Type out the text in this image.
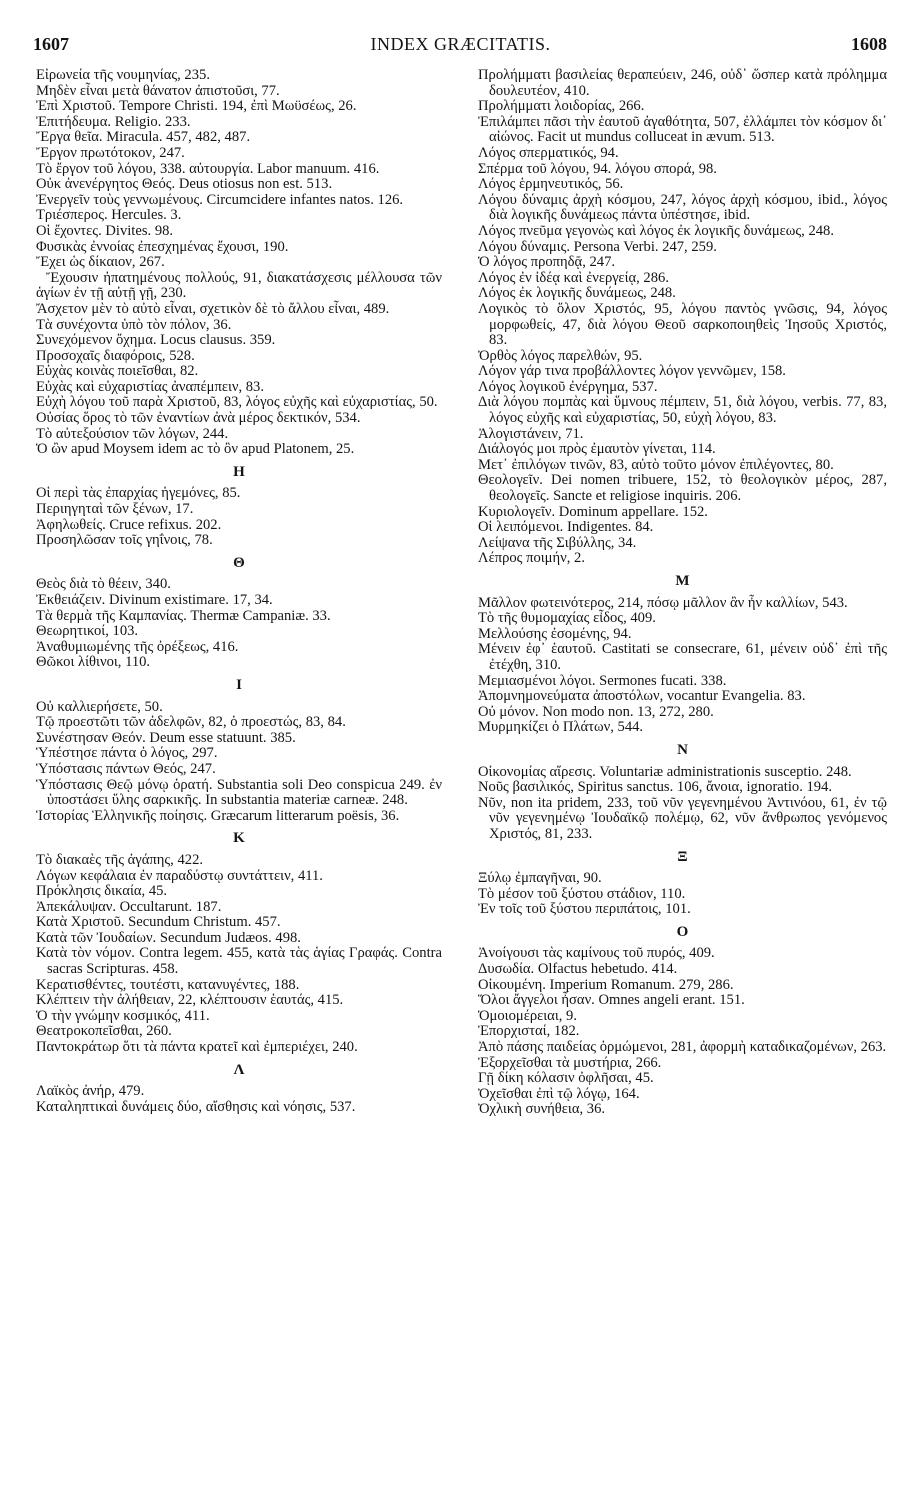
1607	INDEX GRÆCITATIS.	1608

Εἰρωνεία τῆς νουμηνίας, 235.

Μηδὲν εἶναι μετὰ θάνατον ἀπιστοῦσι, 77.

Ἐπὶ Χριστοῦ. Tempore Christi. 194, ἐπὶ Μωϋσέως, 26.

Ἐπιτήδευμα. Religio. 233.

Ἔργα θεῖα. Miracula. 457, 482, 487.

Ἔργον πρωτότοκον, 247.

Τὸ ἔργον τοῦ λόγου, 338. αὐτουργία. Labor manuum. 416.

Οὐκ ἀνενέργητος Θεός. Deus otiosus non est. 513.

Ἐνεργεῖν τοὺς γεννωμένους. Circumcidere infantes natos. 126.

Τριέσπερος. Hercules. 3.

Οἱ ἔχοντες. Divites. 98.

Φυσικὰς ἐννοίας ἐπεσχημένας ἔχουσι, 190.

Ἔχει ὡς δίκαιον, 267.

Ἔχουσιν ἠπατημένους πολλούς, 91, διακατάσχεσις μέλλουσα τῶν ἁγίων ἐν τῇ αὐτῇ γῇ, 230.

Ἄσχετον μὲν τὸ αὐτὸ εἶναι, σχετικὸν δὲ τὸ ἄλλου εἶναι, 489.

Τὰ συνέχοντα ὑπὸ τὸν πόλον, 36.

Συνεχόμενον ὄχημα. Locus clausus. 359.

Προσοχαῖς διαφόροις, 528.

Εὐχὰς κοινὰς ποιεῖσθαι, 82.

Εὐχὰς καὶ εὐχαριστίας ἀναπέμπειν, 83.

Εὐχὴ λόγου τοῦ παρὰ Χριστοῦ, 83, λόγος εὐχῆς καὶ εὐχαριστίας, 50.

Οὐσίας ὅρος τὸ τῶν ἐναντίων ἀνὰ μέρος δεκτικόν, 534.

Τὸ αὐτεξούσιον τῶν λόγων, 244.

Ὁ ὢν apud Moysem idem ac τὸ ὂν apud Platonem, 25.

H

Οἱ περὶ τὰς ἐπαρχίας ἡγεμόνες, 85.

Περιηγηταὶ τῶν ξένων, 17.

Ἀφηλωθείς. Cruce refixus. 202.

Προσηλῶσαν τοῖς γηΐνοις, 78.

Θ

Θεὸς διὰ τὸ θέειν, 340.

Ἐκθειάζειν. Divinum existimare. 17, 34.

Τὰ θερμὰ τῆς Καμπανίας. Thermæ Campaniæ. 33.

Θεωρητικοί, 103.

Ἀναθυμιωμένης τῆς ὀρέξεως, 416.

Θῶκοι λίθινοι, 110.

I

Οὐ καλλιερήσετε, 50.

Τῷ προεστῶτι τῶν ἀδελφῶν, 82, ὁ προεστώς, 83, 84.

Συνέστησαν Θεόν. Deum esse statuunt. 385.

Ὑπέστησε πάντα ὁ λόγος, 297.

Ὑπόστασις πάντων Θεός, 247.

Ὑπόστασις Θεῷ μόνῳ ὁρατή. Substantia soli Deo conspicua 249. ἐν ὑποστάσει ὕλης σαρκικῆς. In substantia materiæ carneæ. 248.

Ἱστορίας Ἑλληνικῆς ποίησις. Græcarum litterarum poësis, 36.

K

Τὸ διακαὲς τῆς ἀγάπης, 422.

Λόγων κεφάλαια ἐν παραδύστῳ συντάττειν, 411.

Πρόκλησις δικαία, 45.

Ἀπεκάλυψαν. Occultarunt. 187.

Κατὰ Χριστοῦ. Secundum Christum. 457.

Κατὰ τῶν Ἰουδαίων. Secundum Judæos. 498.

Κατὰ τὸν νόμον. Contra legem. 455, κατὰ τὰς ἁγίας Γραφάς. Contra sacras Scripturas. 458.

Κερατισθέντες, τουτέστι, κατανυγέντες, 188.

Κλέπτειν τὴν ἀλήθειαν, 22, κλέπτουσιν ἑαυτάς, 415.

Ὁ τὴν γνώμην κοσμικός, 411.

Θεατροκοπεῖσθαι, 260.

Παντοκράτωρ ὅτι τὰ πάντα κρατεῖ καὶ ἐμπεριέχει, 240.

Λ

Λαϊκὸς ἀνήρ, 479.

Καταληπτικαὶ δυνάμεις δύο, αἴσθησις καὶ νόησις, 537.

Προλήμματι βασιλείας θεραπεύειν, 246, οὐδ᾽ ὥσπερ κατὰ πρόλημμα δουλευτέον, 410.

Προλήμματι λοιδορίας, 266.

Ἐπιλάμπει πᾶσι τὴν ἑαυτοῦ ἀγαθότητα, 507, ἐλλάμπει τὸν κόσμον δι᾽ αἰώνος. Facit ut mundus colluceat in ævum. 513.

Λόγος σπερματικός, 94.

Σπέρμα τοῦ λόγου, 94. λόγου σπορά, 98.

Λόγος ἑρμηνευτικός, 56.

Λόγου δύναμις ἀρχὴ κόσμου, 247, λόγος ἀρχὴ κόσμου, ibid., λόγος διὰ λογικῆς δυνάμεως πάντα ὑπέστησε, ibid.

Λόγος πνεῦμα γεγονὼς καὶ λόγος ἐκ λογικῆς δυνάμεως, 248.

Λόγου δύναμις. Persona Verbi. 247, 259.

Ὁ λόγος προπηδᾷ, 247.

Λόγος ἐν ἰδέᾳ καὶ ἐνεργείᾳ, 286.

Λόγος ἐκ λογικῆς δυνάμεως, 248.

Λογικὸς τὸ ὅλον Χριστός, 95, λόγου παντὸς γνῶσις, 94, λόγος μορφωθείς, 47, διὰ λόγου Θεοῦ σαρκοποιηθεὶς Ἰησοῦς Χριστός, 83.

Ὀρθὸς λόγος παρελθών, 95.

Λόγον γάρ τινα προβάλλοντες λόγον γεννῶμεν, 158.

Λόγος λογικοῦ ἐνέργημα, 537.

Διὰ λόγου πομπὰς καὶ ὕμνους πέμπειν, 51, διὰ λόγου, verbis. 77, 83, λόγος εὐχῆς καὶ εὐχαριστίας, 50, εὐχὴ λόγου, 83.

Ἀλογιστάνειν, 71.

Διάλογός μοι πρὸς ἐμαυτὸν γίνεται, 114.

Μετ᾽ ἐπιλόγων τινῶν, 83, αὐτὸ τοῦτο μόνον ἐπιλέγοντες, 80.

Θεολογεῖν. Dei nomen tribuere, 152, τὸ θεολογικὸν μέρος, 287, θεολογεῖς. Sancte et religiose inquiris. 206.

Κυριολογεῖν. Dominum appellare. 152.

Οἱ λειπόμενοι. Indigentes. 84.

Λείψανα τῆς Σιβύλλης, 34.

Λέπρος ποιμήν, 2.

M

Μᾶλλον φωτεινότερος, 214, πόσῳ μᾶλλον ἂν ἦν καλλίων, 543.

Τὸ τῆς θυμομαχίας εἶδος, 409.

Μελλούσης ἐσομένης, 94.

Μένειν ἐφ᾽ ἑαυτοῦ. Castitati se consecrare, 61, μένειν οὐδ᾽ ἐπὶ τῆς ἐτέχθη, 310.

Μεμιασμένοι λόγοι. Sermones fucati. 338.

Ἀπομνημονεύματα ἀποστόλων, vocantur Evangelia. 83.

Οὐ μόνον. Non modo non. 13, 272, 280.

Μυρμηκίζει ὁ Πλάτων, 544.

N

Οἰκονομίας αἵρεσις. Voluntariæ administrationis susceptio. 248.

Νοῦς βασιλικός, Spiritus sanctus. 106, ἄνοια, ignoratio. 194.

Νῦν, non ita pridem, 233, τοῦ νῦν γεγενημένου Ἀντινόου, 61, ἐν τῷ νῦν γεγενημένῳ Ἰουδαϊκῷ πολέμῳ, 62, νῦν ἄνθρωπος γενόμενος Χριστός, 81, 233.

Ξ

Ξύλῳ ἐμπαγῆναι, 90.

Τὸ μέσον τοῦ ξύστου στάδιον, 110.

Ἐν τοῖς τοῦ ξύστου περιπάτοις, 101.

O

Ἀνοίγουσι τὰς καμίνους τοῦ πυρός, 409.

Δυσωδία. Olfactus hebetudo. 414.

Οἰκουμένη. Imperium Romanum. 279, 286.

Ὅλοι ἄγγελοι ἦσαν. Omnes angeli erant. 151.

Ὁμοιομέρειαι, 9.

Ἐπορχισταί, 182.

Ἀπὸ πάσης παιδείας ὁρμώμενοι, 281, ἀφορμὴ καταδικαζομένων, 263.

Ἐξορχεῖσθαι τὰ μυστήρια, 266.

Γῇ δίκη κόλασιν ὀφλῆσαι, 45.

Ὀχεῖσθαι ἐπὶ τῷ λόγῳ, 164.

Ὀχλικὴ συνήθεια, 36.
